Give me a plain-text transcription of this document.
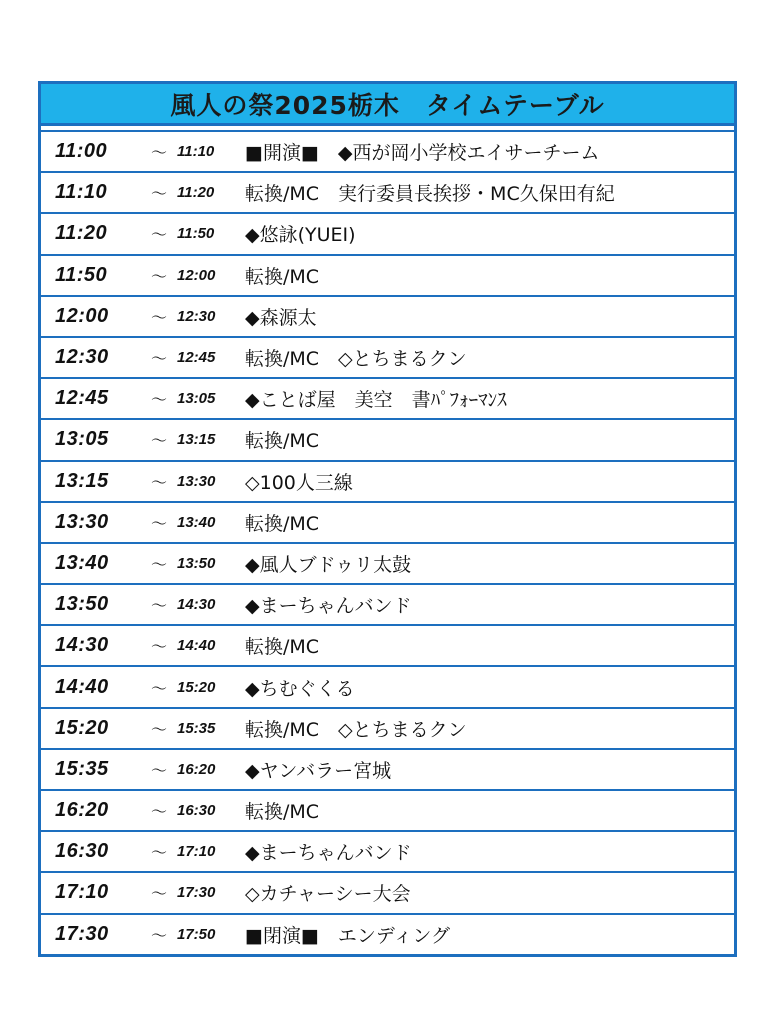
風人の祭2025栃木　タイムテーブル
11:00	～ 11:10	■開演■　◆西が岡小学校エイサーチーム
11:10	～ 11:20	転換/MC　実行委員長挨拶・MC久保田有紀
11:20	～ 11:50	◆悠詠(YUEI)
11:50	～ 12:00	転換/MC
12:00	～ 12:30	◆森源太
12:30	～ 12:45	転換/MC　◇とちまるクン
12:45	～ 13:05	◆ことば屋　美空　書ﾊﾟﾌｫｰﾏﾝｽ
13:05	～ 13:15	転換/MC
13:15	～ 13:30	◇100人三線
13:30	～ 13:40	転換/MC
13:40	～ 13:50	◆風人ブドゥリ太鼓
13:50	～ 14:30	◆まーちゃんバンド
14:30	～ 14:40	転換/MC
14:40	～ 15:20	◆ちむぐくる
15:20	～ 15:35	転換/MC　◇とちまるクン
15:35	～ 16:20	◆ヤンバラー宮城
16:20	～ 16:30	転換/MC
16:30	～ 17:10	◆まーちゃんバンド
17:10	～ 17:30	◇カチャーシー大会
17:30	～ 17:50	■閉演■　エンディング
